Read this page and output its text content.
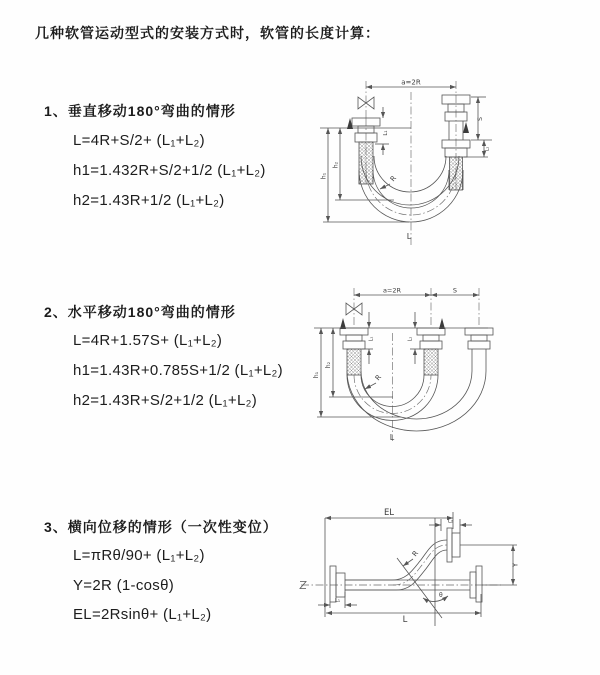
几种软管运动型式的安装方式时，软管的长度计算：
1、垂直移动180°弯曲的情形
L=4R+S/2+ (L₁+L₂)
h1=1.432R+S/2+1/2 (L₁+L₂)
h2=1.43R+1/2 (L₁+L₂)
2、水平移动180°弯曲的情形
L=4R+1.57S+ (L₁+L₂)
h1=1.43R+0.785S+1/2 (L₁+L₂)
h2=1.43R+S/2+1/2 (L₁+L₂)
3、横向位移的情形（一次性变位）
L=πRθ/90+ (L₁+L₂)
Y=2R (1-cosθ)
EL=2Rsinθ+ (L₁+L₂)
a=2R
L₁
h₁
h₂
S
L₂
R
L
a=2R	S
L₁	L₂
h₁
h₂
R
L
EL
L₂
Y
R
θ
L
L₁
